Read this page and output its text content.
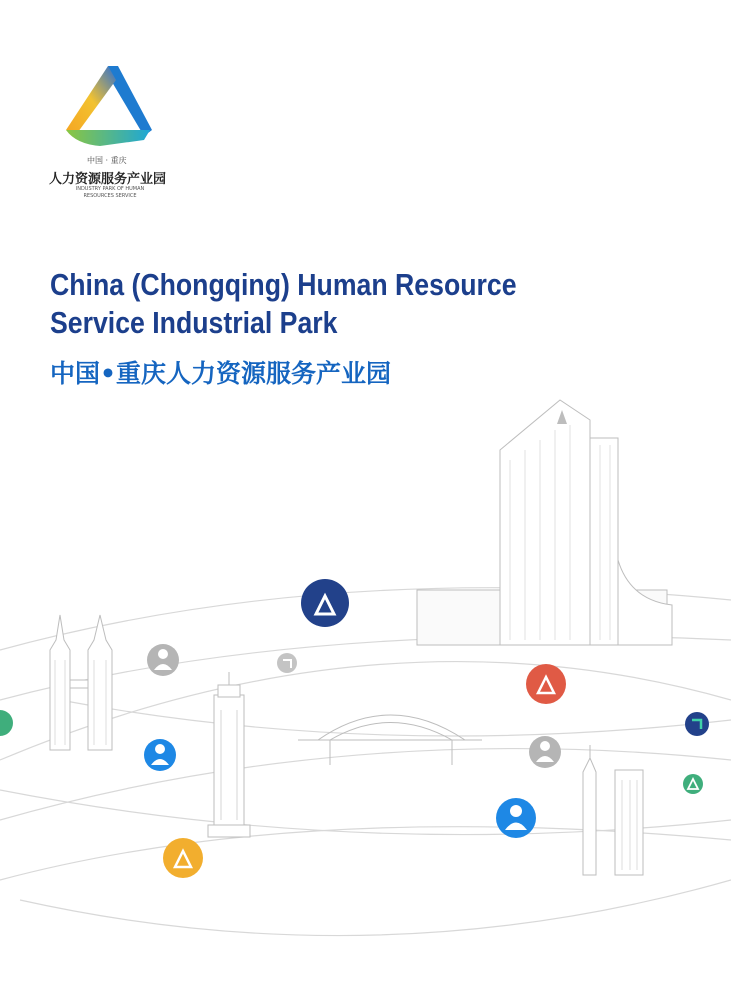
中国 · 重庆
人力资源服务产业园
INDUSTRY PARK OF HUMAN RESOURCES SERVICE
China (Chongqing) Human Resource
Service Industrial Park
中国•重庆人力资源服务产业园
